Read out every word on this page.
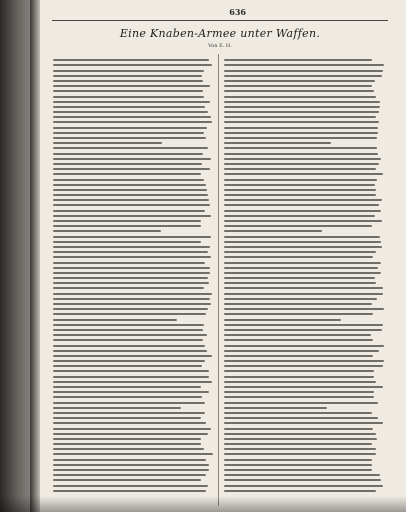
636
Eine Knaben-Armee unter Waffen.
Von E. H.
